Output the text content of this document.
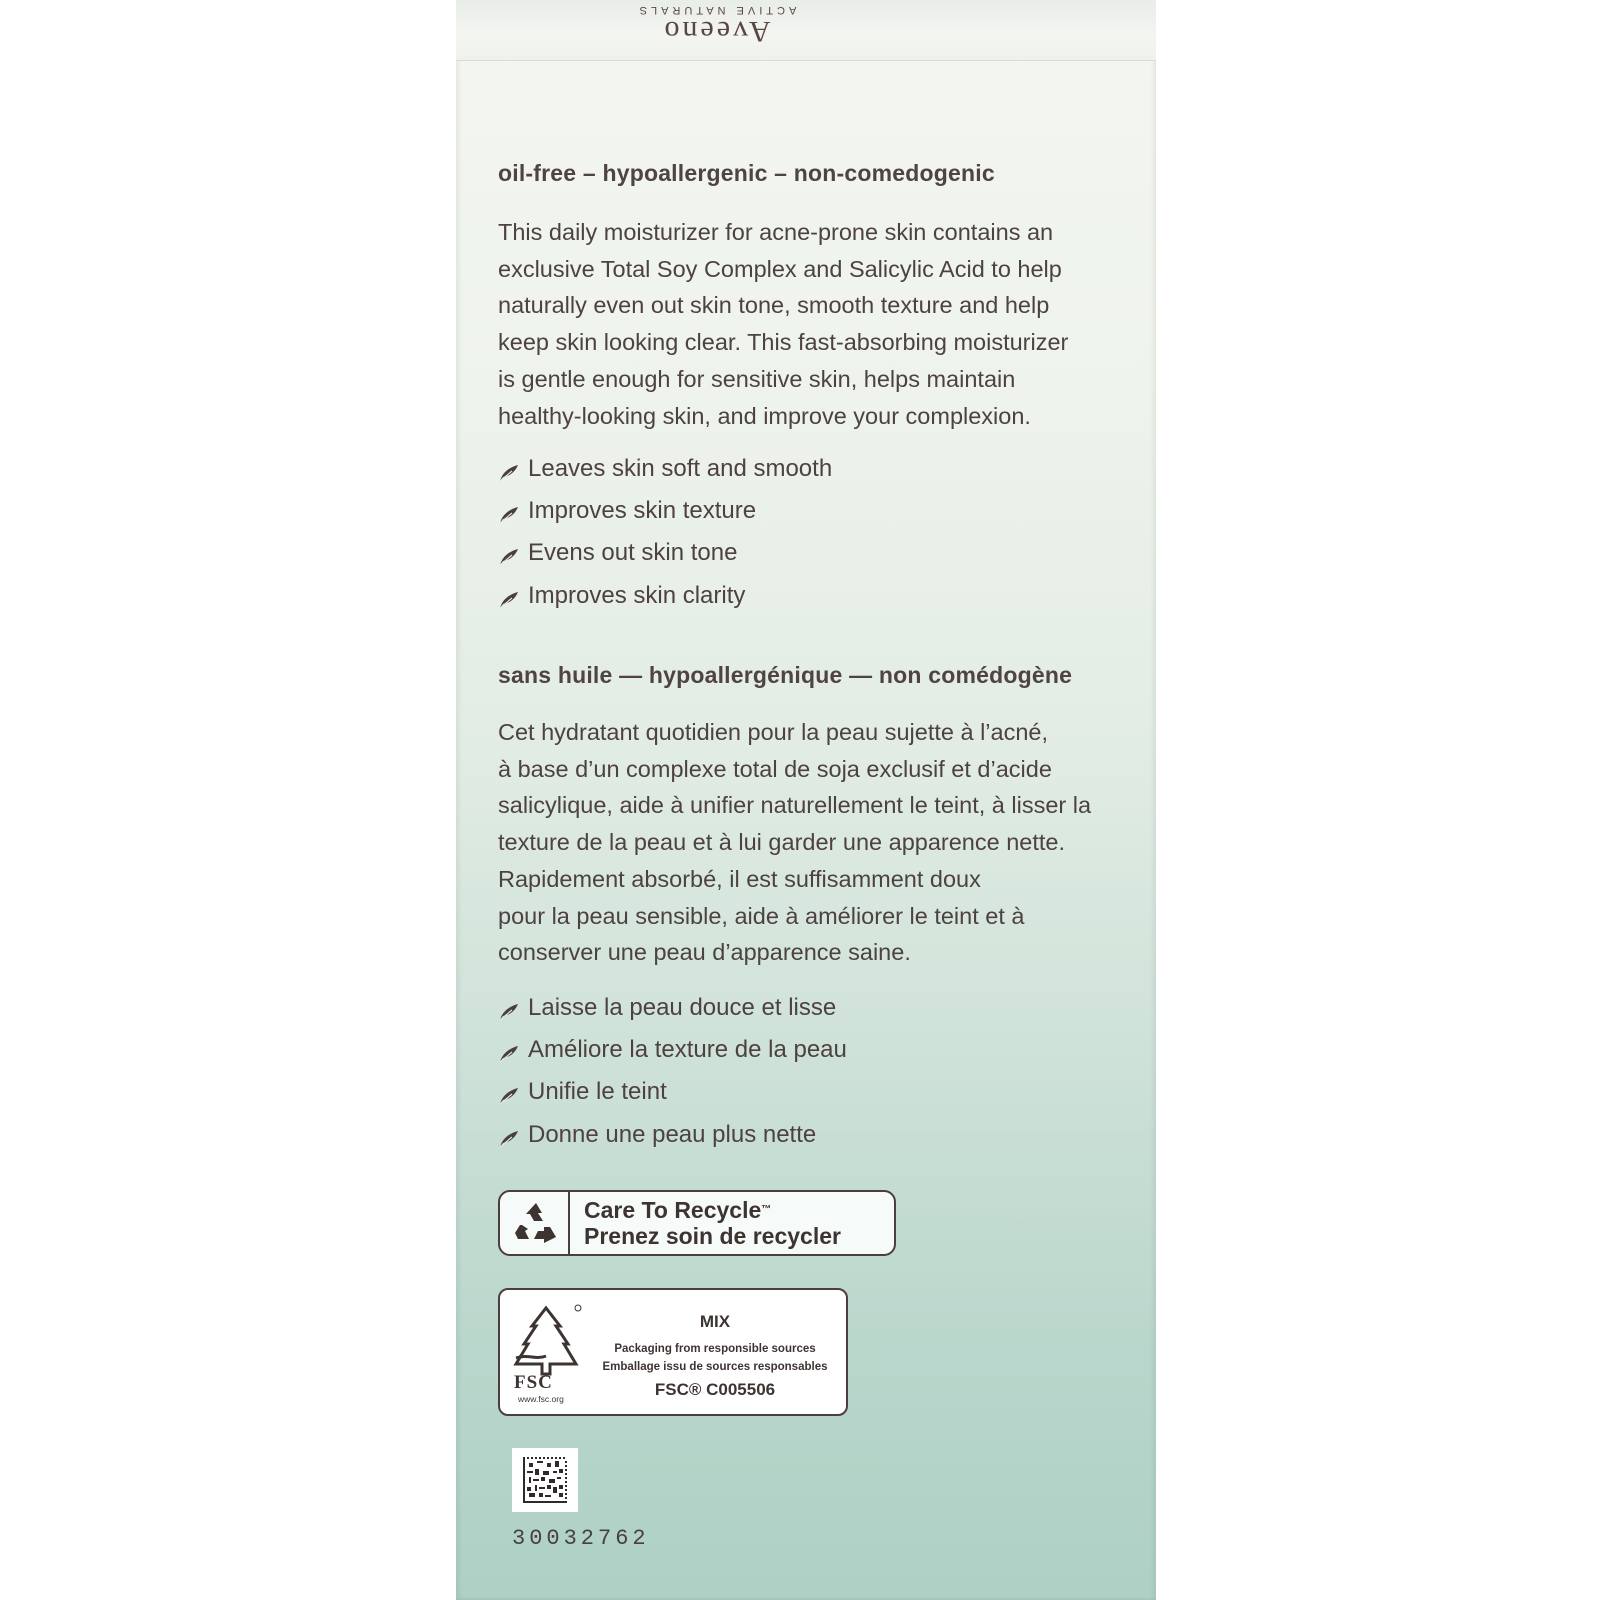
Aveeno
ACTIVE NATURALS
oil-free – hypoallergenic – non-comedogenic
This daily moisturizer for acne-prone skin contains an
exclusive Total Soy Complex and Salicylic Acid to help
naturally even out skin tone, smooth texture and help
keep skin looking clear. This fast-absorbing moisturizer
is gentle enough for sensitive skin, helps maintain
healthy-looking skin, and improve your complexion.
Leaves skin soft and smooth
Improves skin texture
Evens out skin tone
Improves skin clarity
sans huile — hypoallergénique — non comédogène
Cet hydratant quotidien pour la peau sujette à l’acné,
à base d’un complexe total de soja exclusif et d’acide
salicylique, aide à unifier naturellement le teint, à lisser la
texture de la peau et à lui garder une apparence nette.
Rapidement absorbé, il est suffisamment doux
pour la peau sensible, aide à améliorer le teint et à
conserver une peau d’apparence saine.
Laisse la peau douce et lisse
Améliore la texture de la peau
Unifie le teint
Donne une peau plus nette
Care To Recycle™
Prenez soin de recycler
FSC
www.fsc.org
MIX
Packaging from responsible sources
Emballage issu de sources responsables
FSC® C005506
30032762
